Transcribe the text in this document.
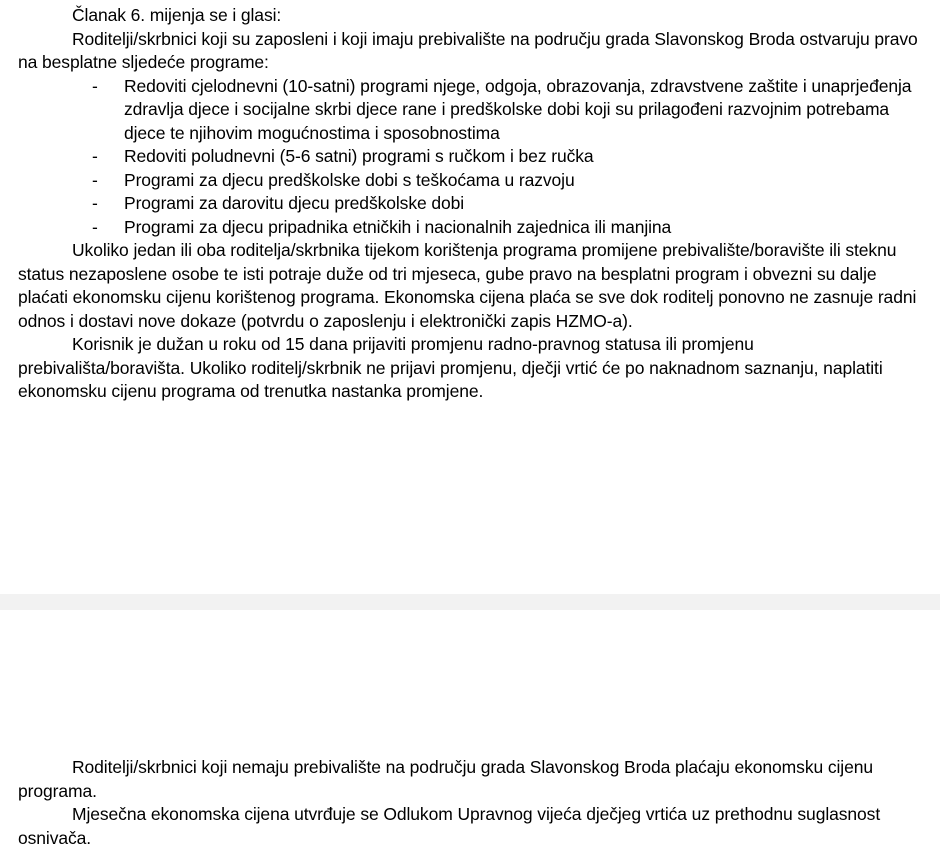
Članak 6. mijenja se i glasi:

Roditelji/skrbnici koji su zaposleni i koji imaju prebivalište na području grada Slavonskog Broda ostvaruju pravo na besplatne sljedeće programe:

-	Redoviti cjelodnevni (10-satni) programi njege, odgoja, obrazovanja, zdravstvene zaštite i unaprjeđenja zdravlja djece i socijalne skrbi djece rane i predškolske dobi koji su prilagođeni razvojnim potrebama djece te njihovim mogućnostima i sposobnostima
-	Redoviti poludnevni (5-6 satni) programi s ručkom i bez ručka
-	Programi za djecu predškolske dobi s teškoćama u razvoju
-	Programi za darovitu djecu predškolske dobi
-	Programi za djecu pripadnika etničkih i nacionalnih zajednica ili manjina

Ukoliko jedan ili oba roditelja/skrbnika tijekom korištenja programa promijene prebivalište/boravište ili steknu status nezaposlene osobe te isti potraje duže od tri mjeseca, gube pravo na besplatni program i obvezni su dalje plaćati ekonomsku cijenu korištenog programa. Ekonomska cijena plaća se sve dok roditelj ponovno ne zasnuje radni odnos i dostavi nove dokaze (potvrdu o zaposlenju i elektronički zapis HZMO-a).

Korisnik je dužan u roku od 15 dana prijaviti promjenu radno-pravnog statusa ili promjenu prebivališta/boravišta. Ukoliko roditelj/skrbnik ne prijavi promjenu, dječji vrtić će po naknadnom saznanju, naplatiti ekonomsku cijenu programa od trenutka nastanka promjene.

Roditelji/skrbnici koji nemaju prebivalište na području grada Slavonskog Broda plaćaju ekonomsku cijenu programa.

Mjesečna ekonomska cijena utvrđuje se Odlukom Upravnog vijeća dječjeg vrtića uz prethodnu suglasnost osnivača.
